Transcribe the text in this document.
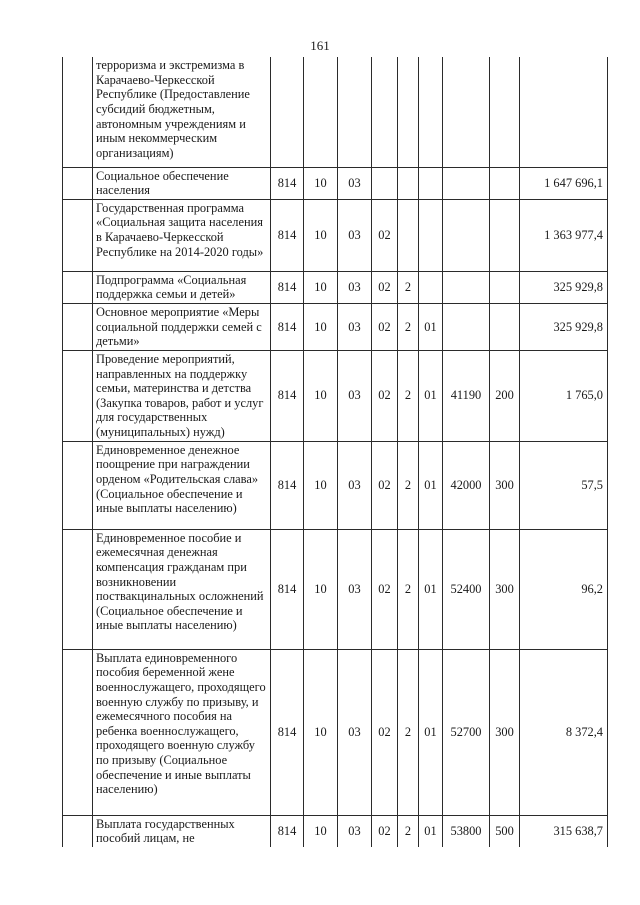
161
	терроризма и экстремизма в Карачаево-Черкесской Республике (Предоставление субсидий бюджетным, автономным учреждениям и иным некоммерческим организациям)									
	Социальное обеспечение населения	814	10	03						1 647 696,1
	Государственная программа «Социальная защита населения в Карачаево-Черкесской Республике на 2014-2020 годы»	814	10	03	02					1 363 977,4
	Подпрограмма «Социальная поддержка семьи и детей»	814	10	03	02	2				325 929,8
	Основное мероприятие «Меры социальной поддержки семей с детьми»	814	10	03	02	2	01			325 929,8
	Проведение мероприятий, направленных на поддержку семьи, материнства и детства (Закупка товаров, работ и услуг для государственных (муниципальных) нужд)	814	10	03	02	2	01	41190	200	1 765,0
	Единовременное денежное поощрение при награждении орденом «Родительская слава» (Социальное обеспечение и иные выплаты населению)	814	10	03	02	2	01	42000	300	57,5
	Единовременное пособие и ежемесячная денежная компенсация гражданам при возникновении поствакцинальных осложнений (Социальное обеспечение и иные выплаты населению)	814	10	03	02	2	01	52400	300	96,2
	Выплата единовременного пособия беременной жене военнослужащего, проходящего военную службу по призыву, и ежемесячного пособия на ребенка военнослужащего, проходящего военную службу по призыву (Социальное обеспечение и иные выплаты населению)	814	10	03	02	2	01	52700	300	8 372,4
	Выплата государственных пособий лицам, не	814	10	03	02	2	01	53800	500	315 638,7
